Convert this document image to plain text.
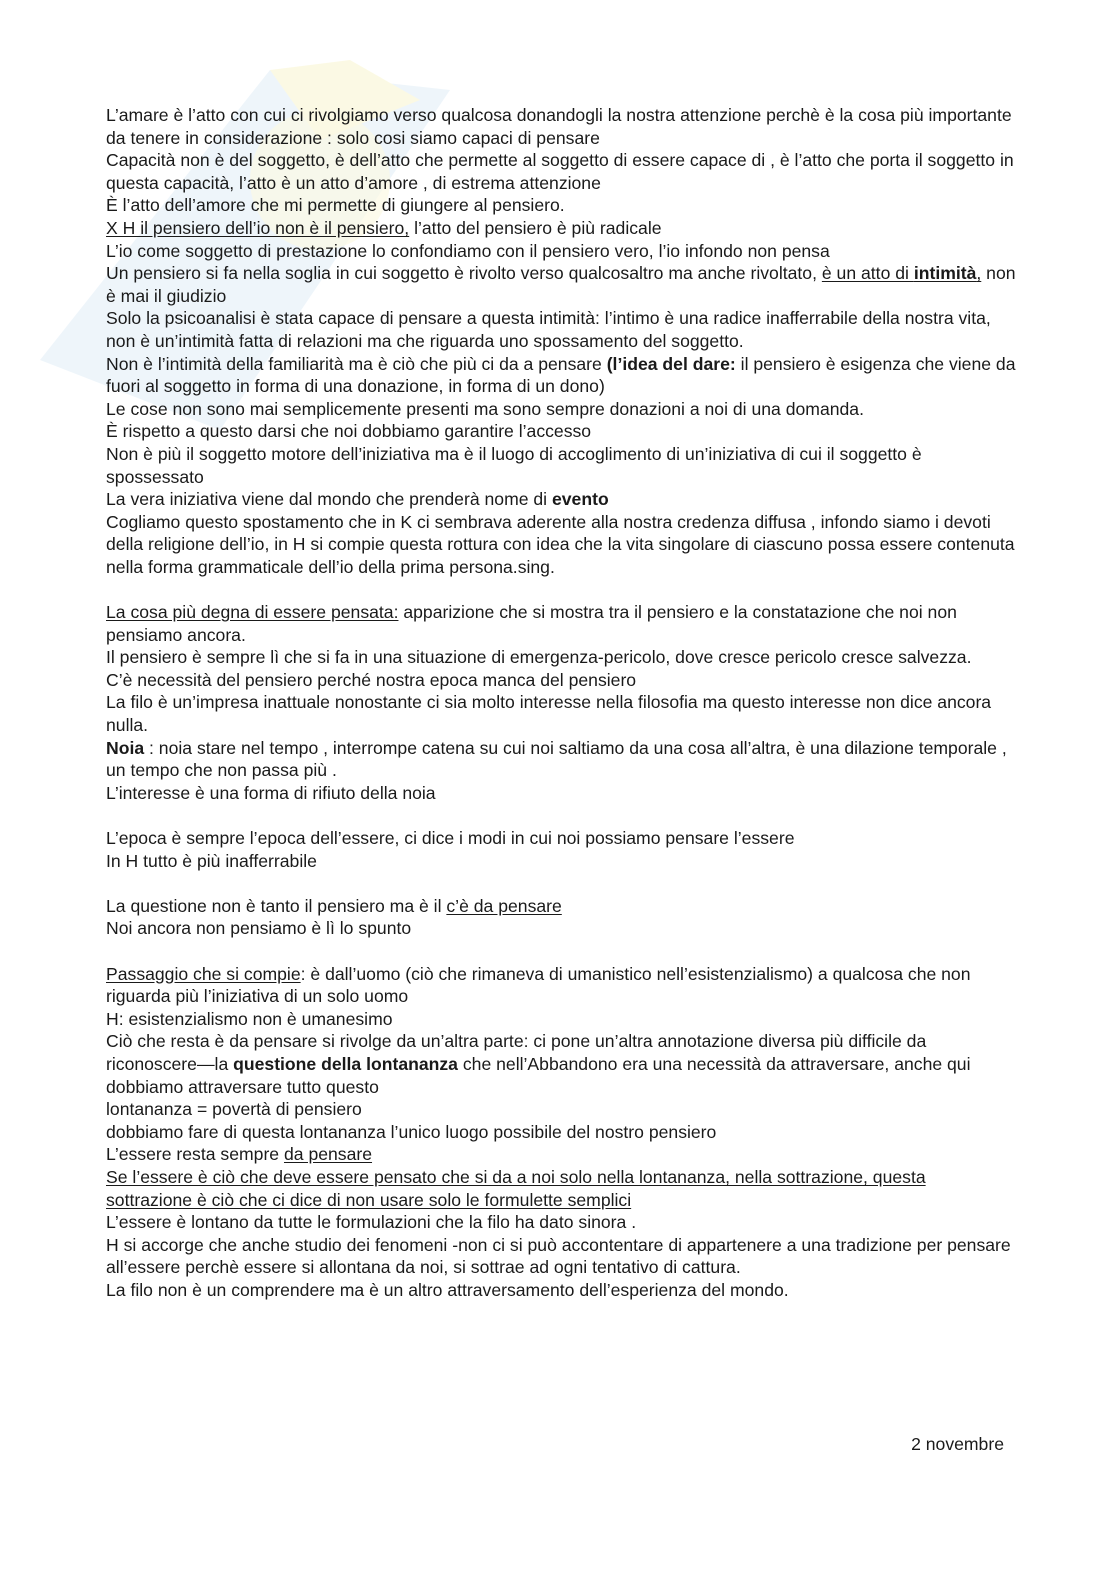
L’amare è l’atto con cui ci rivolgiamo verso qualcosa donandogli la nostra attenzione perchè è la cosa più importante da tenere in considerazione : solo cosi siamo capaci di pensare

Capacità non è del soggetto, è dell’atto che permette al soggetto di essere capace di , è l’atto che porta il soggetto in questa capacità, l’atto è un atto d’amore , di estrema attenzione

È l’atto dell’amore che mi permette di giungere al pensiero.

X H il pensiero dell’io non è il pensiero, l’atto del pensiero è più radicale

L’io come soggetto di prestazione lo confondiamo con il pensiero vero, l’io infondo non pensa

Un pensiero si fa nella soglia in cui soggetto è rivolto verso qualcosaltro ma anche rivoltato, è un atto di intimità, non è mai il giudizio

Solo la psicoanalisi è stata capace di pensare a questa intimità: l’intimo è una radice inafferrabile della nostra vita, non è un’intimità fatta di relazioni ma che riguarda uno spossamento del soggetto.

Non è l’intimità della familiarità ma è ciò che più ci da a pensare (l’idea del dare: il pensiero è esigenza che viene da fuori al soggetto in forma di una donazione, in forma di un dono)

Le cose non sono mai semplicemente presenti ma sono sempre donazioni a noi di una domanda.

È rispetto a questo darsi che noi dobbiamo garantire l’accesso

Non è più il soggetto motore dell’iniziativa ma è il luogo di accoglimento di un’iniziativa di cui il soggetto è spossessato

La vera iniziativa viene dal mondo che prenderà nome di evento

Cogliamo questo spostamento che in K ci sembrava aderente alla nostra credenza diffusa , infondo siamo i devoti della religione dell’io, in H si compie questa rottura con idea che la vita singolare di ciascuno possa essere contenuta nella forma grammaticale dell’io della prima persona.sing.

La cosa più degna di essere pensata: apparizione che si mostra tra il pensiero e la constatazione che noi non pensiamo ancora.

Il pensiero è sempre lì che si fa in una situazione di emergenza-pericolo, dove cresce pericolo cresce salvezza.

C’è necessità del pensiero perché nostra epoca manca del pensiero

La filo è un’impresa inattuale nonostante ci sia molto interesse nella filosofia ma questo interesse non dice ancora nulla.

Noia : noia stare nel tempo , interrompe catena su cui noi saltiamo da una cosa all’altra, è una dilazione temporale , un tempo che non passa più .

L’interesse è una forma di rifiuto della noia

L’epoca è sempre l’epoca dell’essere, ci dice i modi in cui noi possiamo pensare l’essere

In H tutto è più inafferrabile

La questione non è tanto il pensiero ma è il c’è da pensare

Noi ancora non pensiamo è lì lo spunto

Passaggio che si compie: è dall’uomo (ciò che rimaneva di umanistico nell’esistenzialismo) a qualcosa che non riguarda più l’iniziativa di un solo uomo

H: esistenzialismo non è umanesimo

Ciò che resta è da pensare si rivolge da un’altra parte: ci pone un’altra annotazione diversa più difficile da riconoscere—la questione della lontananza che nell’Abbandono era una necessità da attraversare, anche qui dobbiamo attraversare tutto questo

lontananza = povertà di pensiero

dobbiamo fare di questa lontananza l’unico luogo possibile del nostro pensiero

L’essere resta sempre da pensare

Se l’essere è ciò che deve essere pensato che si da a noi solo nella lontananza, nella sottrazione, questa sottrazione è ciò che ci dice di non usare solo le formulette semplici

L’essere è lontano da tutte le formulazioni che la filo ha dato sinora .

H si accorge che anche studio dei fenomeni -non ci si può accontentare di appartenere a una tradizione per pensare all’essere perchè essere si allontana da noi, si sottrae ad ogni tentativo di cattura.

La filo non è un comprendere ma è un altro attraversamento dell’esperienza del mondo.

2 novembre
